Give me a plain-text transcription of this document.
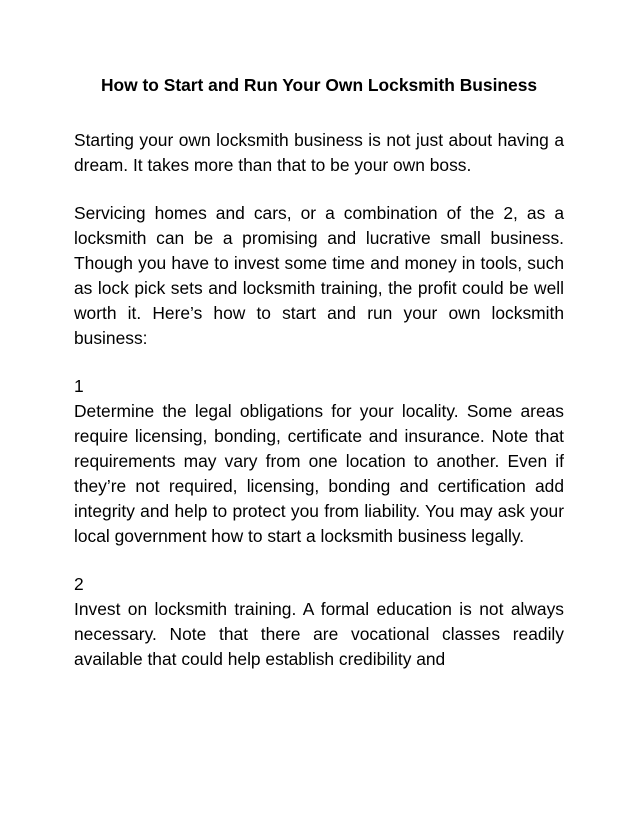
How to Start and Run Your Own Locksmith Business

Starting your own locksmith business is not just about having a dream. It takes more than that to be your own boss.

Servicing homes and cars, or a combination of the 2, as a locksmith can be a promising and lucrative small business. Though you have to invest some time and money in tools, such as lock pick sets and locksmith training, the profit could be well worth it. Here’s how to start and run your own locksmith business:

1

Determine the legal obligations for your locality. Some areas require licensing, bonding, certificate and insurance. Note that requirements may vary from one location to another. Even if they’re not required, licensing, bonding and certification add integrity and help to protect you from liability. You may ask your local government how to start a locksmith business legally.

2

Invest on locksmith training. A formal education is not always necessary. Note that there are vocational classes readily available that could help establish credibility and
